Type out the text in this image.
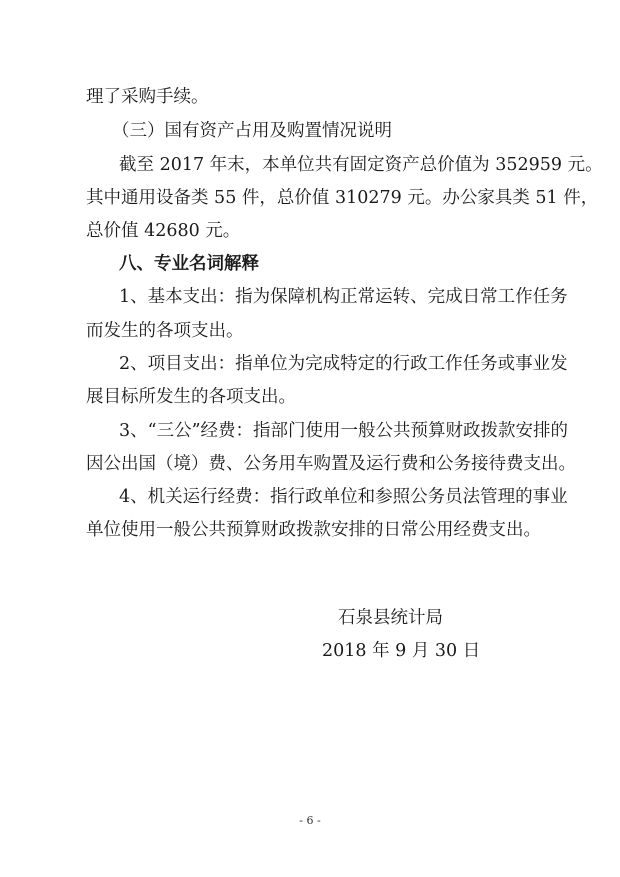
理了采购手续。
（三）国有资产占用及购置情况说明
截至 2017 年末，本单位共有固定资产总价值为 352959 元。
其中通用设备类 55 件，总价值 310279 元。办公家具类 51 件，
总价值 42680 元。
八、专业名词解释
1、基本支出：指为保障机构正常运转、完成日常工作任务
而发生的各项支出。
2、项目支出：指单位为完成特定的行政工作任务或事业发
展目标所发生的各项支出。
3、“三公”经费：指部门使用一般公共预算财政拨款安排的
因公出国（境）费、公务用车购置及运行费和公务接待费支出。
4、机关运行经费：指行政单位和参照公务员法管理的事业
单位使用一般公共预算财政拨款安排的日常公用经费支出。
石泉县统计局
2018 年 9 月 30 日
- 6 -
